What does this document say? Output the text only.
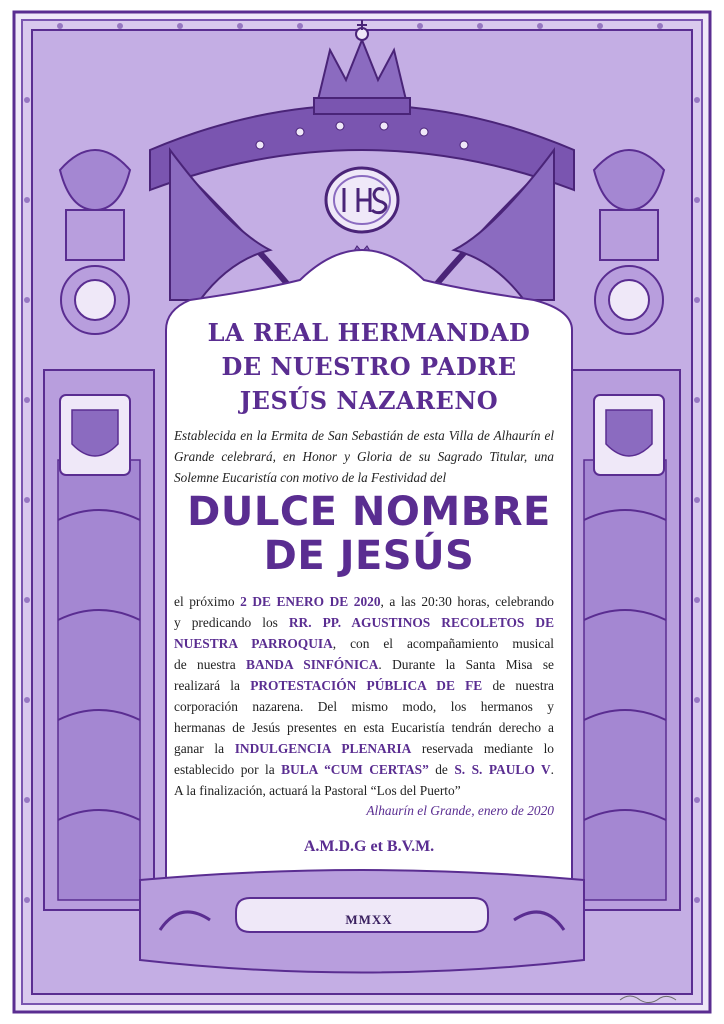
LA REAL HERMANDAD
DE NUESTRO PADRE
JESÚS NAZARENO
Establecida en la Ermita de San Sebastián de esta Villa de Alhaurín el Grande celebrará, en Honor y Gloria de su Sagrado Titular, una Solemne Eucaristía con motivo de la Festividad del
DULCE NOMBRE
DE JESÚS
el próximo 2 DE ENERO DE 2020, a las 20:30 horas, celebrando
y predicando los RR. PP. AGUSTINOS RECOLETOS DE
NUESTRA PARROQUIA, con el acompañamiento musical
de nuestra BANDA SINFÓNICA. Durante la Santa Misa se
realizará la PROTESTACIÓN PÚBLICA DE FE de nuestra
corporación nazarena. Del mismo modo, los hermanos y
hermanas de Jesús presentes en esta Eucaristía tendrán derecho a
ganar la INDULGENCIA PLENARIA reservada mediante lo
establecido por la BULA “CUM CERTAS” de S. S. PAULO V.
A la finalización, actuará la Pastoral “Los del Puerto”
Alhaurín el Grande, enero de 2020
A.M.D.G et B.V.M.
MMXX
